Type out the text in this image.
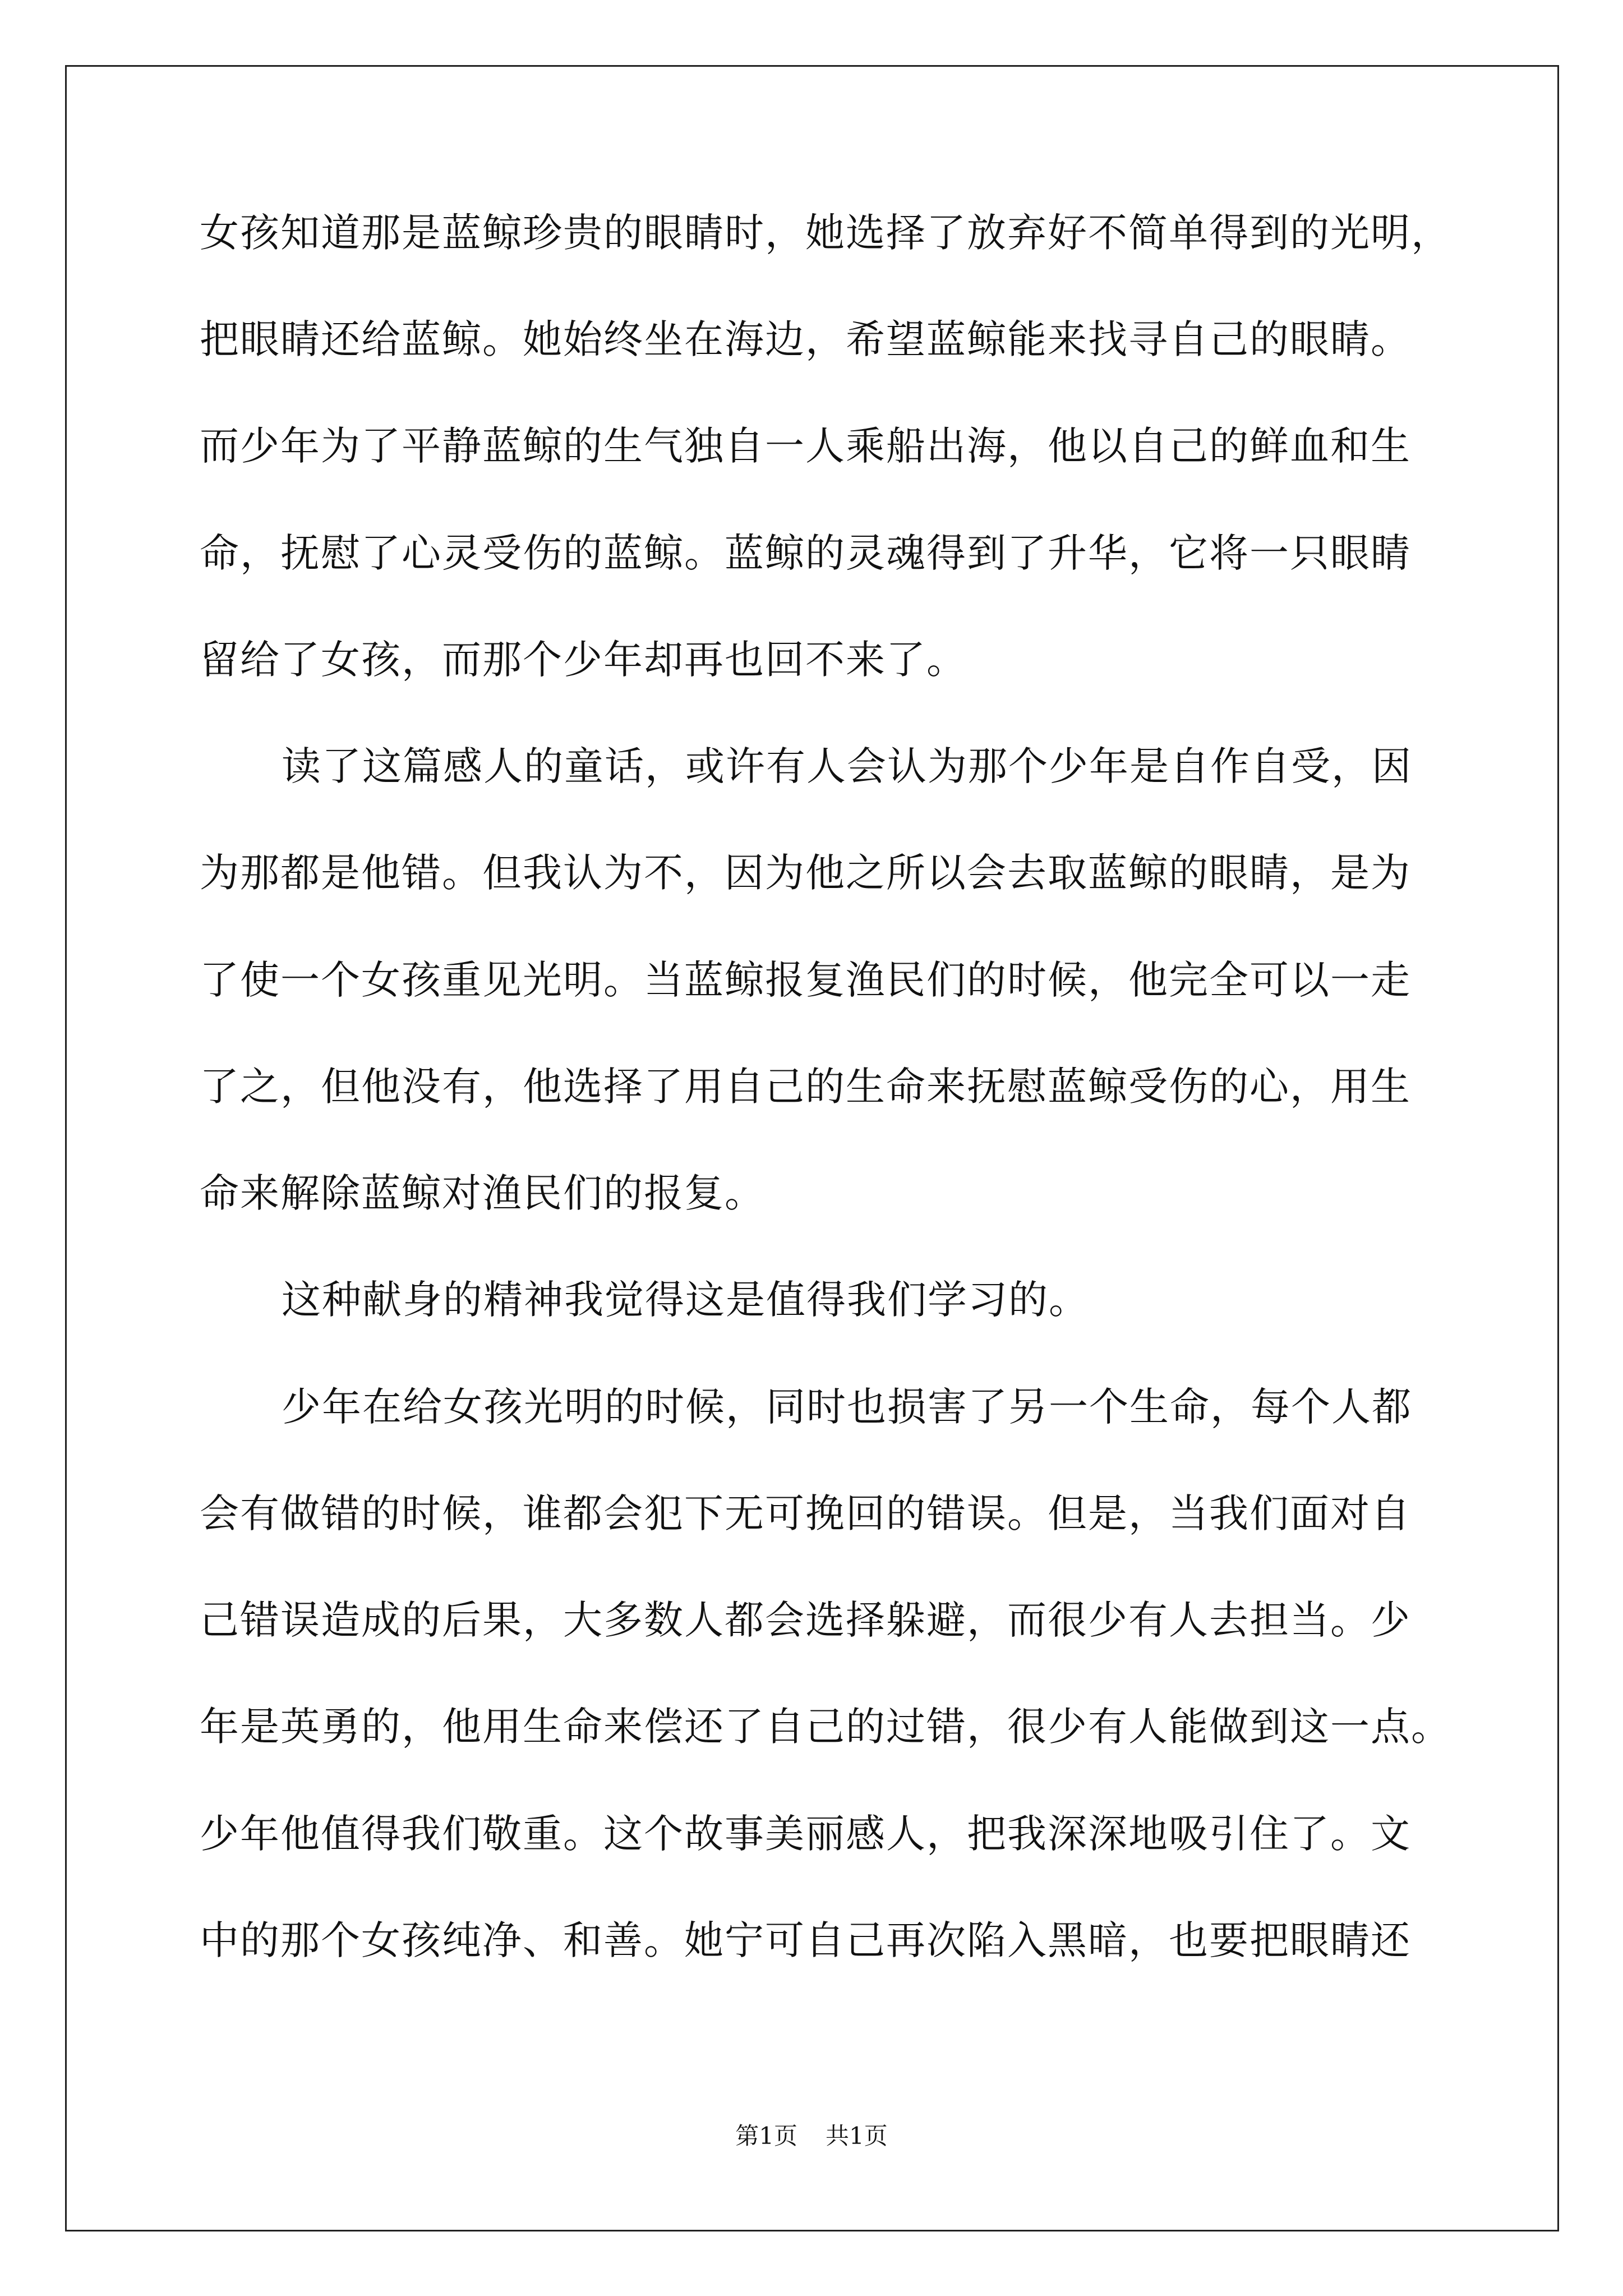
女孩知道那是蓝鲸珍贵的眼睛时，她选择了放弃好不简单得到的光明，
把眼睛还给蓝鲸。她始终坐在海边，希望蓝鲸能来找寻自己的眼睛。
而少年为了平静蓝鲸的生气独自一人乘船出海，他以自己的鲜血和生
命，抚慰了心灵受伤的蓝鲸。蓝鲸的灵魂得到了升华，它将一只眼睛
留给了女孩，而那个少年却再也回不来了。
读了这篇感人的童话，或许有人会认为那个少年是自作自受，因
为那都是他错。但我认为不，因为他之所以会去取蓝鲸的眼睛，是为
了使一个女孩重见光明。当蓝鲸报复渔民们的时候，他完全可以一走
了之，但他没有，他选择了用自己的生命来抚慰蓝鲸受伤的心，用生
命来解除蓝鲸对渔民们的报复。
这种献身的精神我觉得这是值得我们学习的。
少年在给女孩光明的时候，同时也损害了另一个生命，每个人都
会有做错的时候，谁都会犯下无可挽回的错误。但是，当我们面对自
己错误造成的后果，大多数人都会选择躲避，而很少有人去担当。少
年是英勇的，他用生命来偿还了自己的过错，很少有人能做到这一点。
少年他值得我们敬重。这个故事美丽感人，把我深深地吸引住了。文
中的那个女孩纯净、和善。她宁可自己再次陷入黑暗，也要把眼睛还
第1页 共1页
